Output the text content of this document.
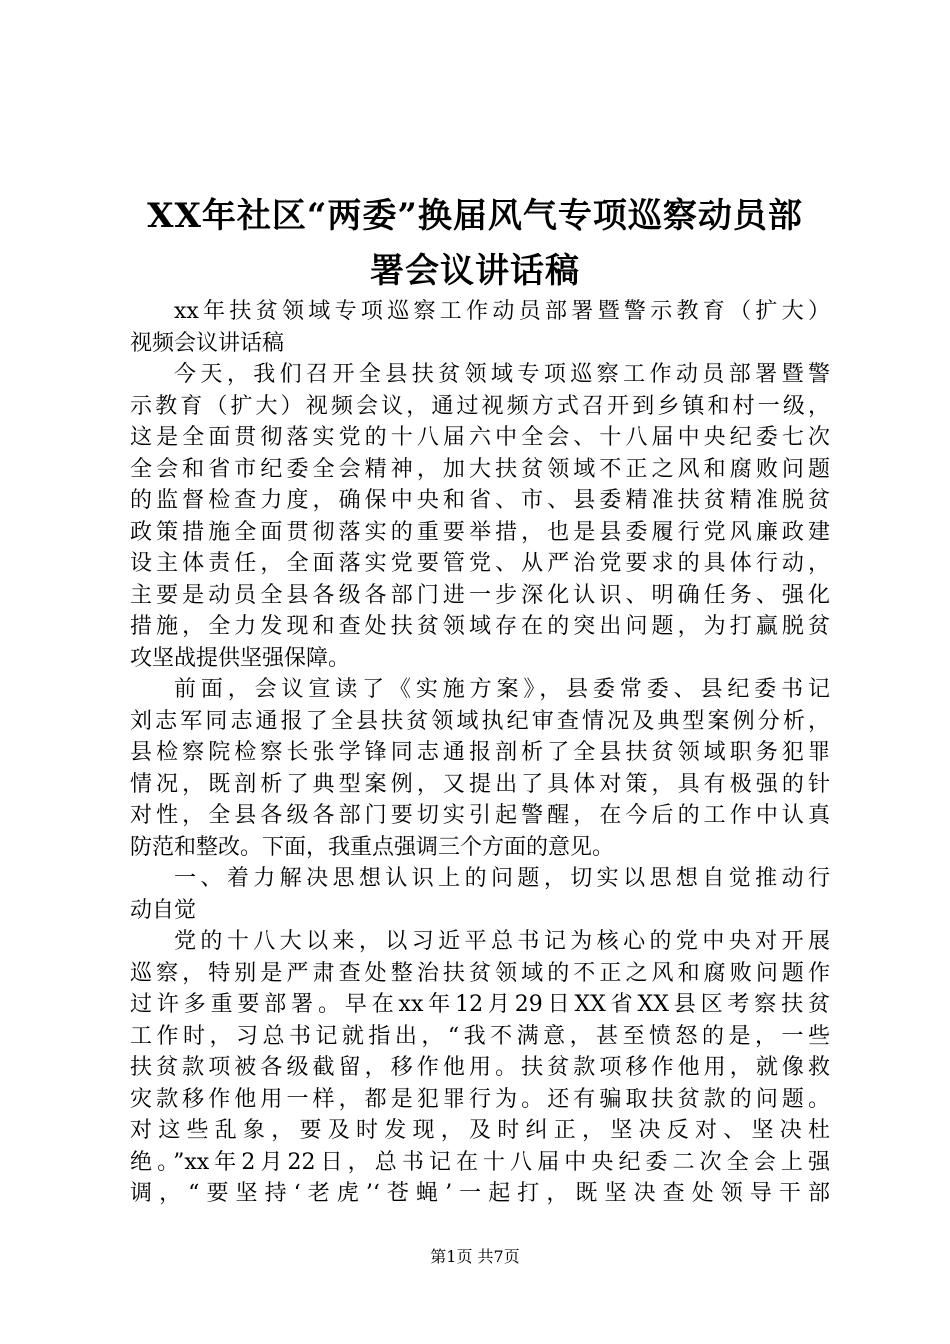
XX年社区“两委”换届风气专项巡察动员部
署会议讲话稿
xx年扶贫领域专项巡察工作动员部署暨警示教育（扩大）
视频会议讲话稿
今天，我们召开全县扶贫领域专项巡察工作动员部署暨警
示教育（扩大）视频会议，通过视频方式召开到乡镇和村一级，
这是全面贯彻落实党的十八届六中全会、十八届中央纪委七次
全会和省市纪委全会精神，加大扶贫领域不正之风和腐败问题
的监督检查力度，确保中央和省、市、县委精准扶贫精准脱贫
政策措施全面贯彻落实的重要举措，也是县委履行党风廉政建
设主体责任，全面落实党要管党、从严治党要求的具体行动，
主要是动员全县各级各部门进一步深化认识、明确任务、强化
措施，全力发现和查处扶贫领域存在的突出问题，为打赢脱贫
攻坚战提供坚强保障。
前面，会议宣读了《实施方案》，县委常委、县纪委书记
刘志军同志通报了全县扶贫领域执纪审查情况及典型案例分析，
县检察院检察长张学锋同志通报剖析了全县扶贫领域职务犯罪
情况，既剖析了典型案例，又提出了具体对策，具有极强的针
对性，全县各级各部门要切实引起警醒，在今后的工作中认真
防范和整改。下面，我重点强调三个方面的意见。
一、着力解决思想认识上的问题，切实以思想自觉推动行
动自觉
党的十八大以来，以习近平总书记为核心的党中央对开展
巡察，特别是严肃查处整治扶贫领域的不正之风和腐败问题作
过许多重要部署。早在xx年12月29日XX省XX县区考察扶贫
工作时，习总书记就指出，“我不满意，甚至愤怒的是，一些
扶贫款项被各级截留，移作他用。扶贫款项移作他用，就像救
灾款移作他用一样，都是犯罪行为。还有骗取扶贫款的问题。
对这些乱象，要及时发现，及时纠正，坚决反对、坚决杜
绝。”xx年2月22日，总书记在十八届中央纪委二次全会上强
调，“要坚持‘老虎’‘苍蝇’一起打，既坚决查处领导干部
第1页 共7页
